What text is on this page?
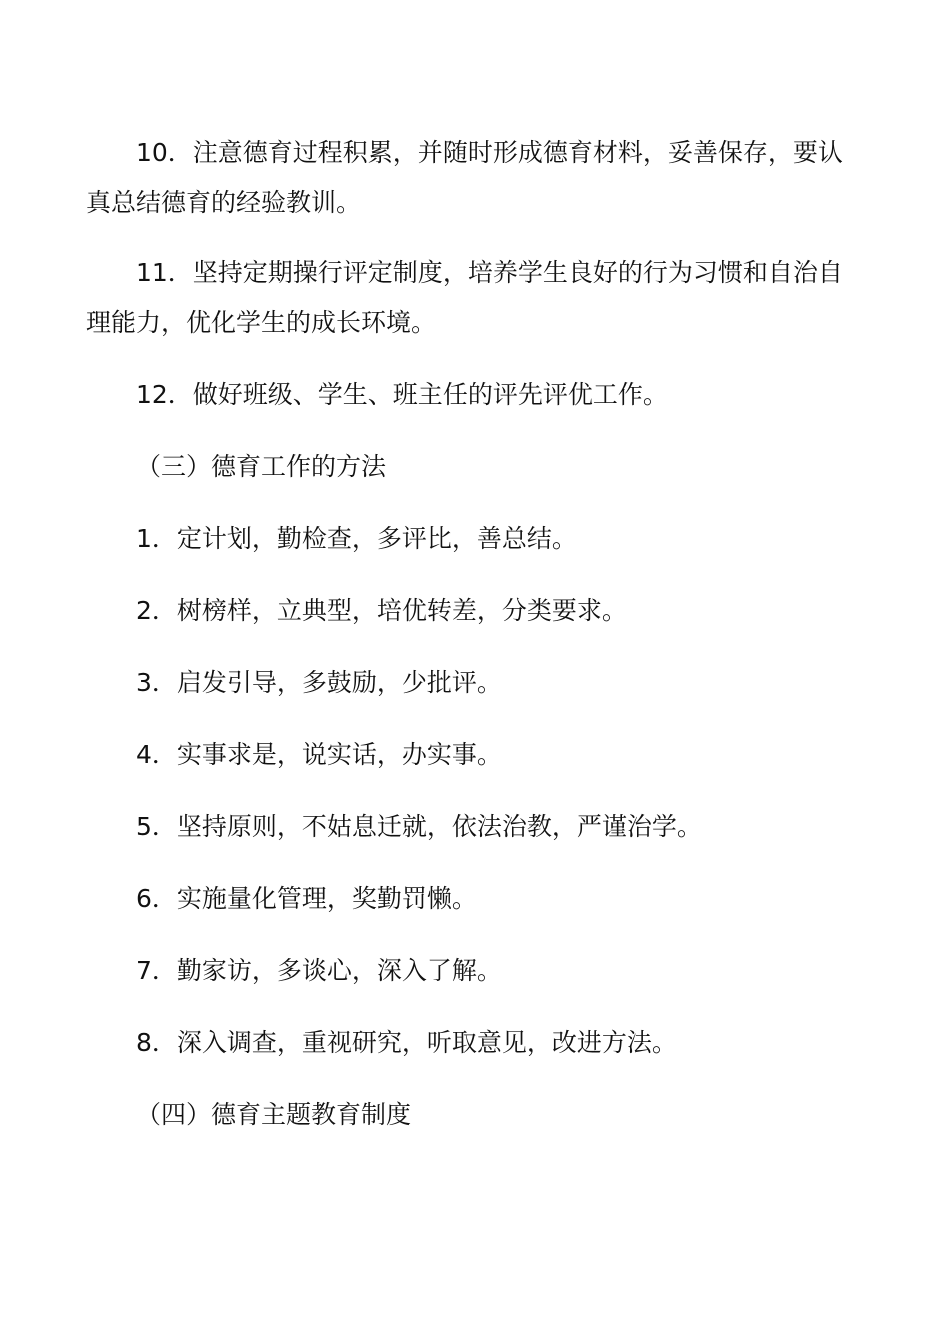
10．注意德育过程积累，并随时形成德育材料，妥善保存，要认真总结德育的经验教训。

11．坚持定期操行评定制度，培养学生良好的行为习惯和自治自理能力，优化学生的成长环境。

12．做好班级、学生、班主任的评先评优工作。

（三）德育工作的方法

1．定计划，勤检查，多评比，善总结。

2．树榜样，立典型，培优转差，分类要求。

3．启发引导，多鼓励，少批评。

4．实事求是，说实话，办实事。

5．坚持原则，不姑息迁就，依法治教，严谨治学。

6．实施量化管理，奖勤罚懒。

7．勤家访，多谈心，深入了解。

8．深入调查，重视研究，听取意见，改进方法。

（四）德育主题教育制度
